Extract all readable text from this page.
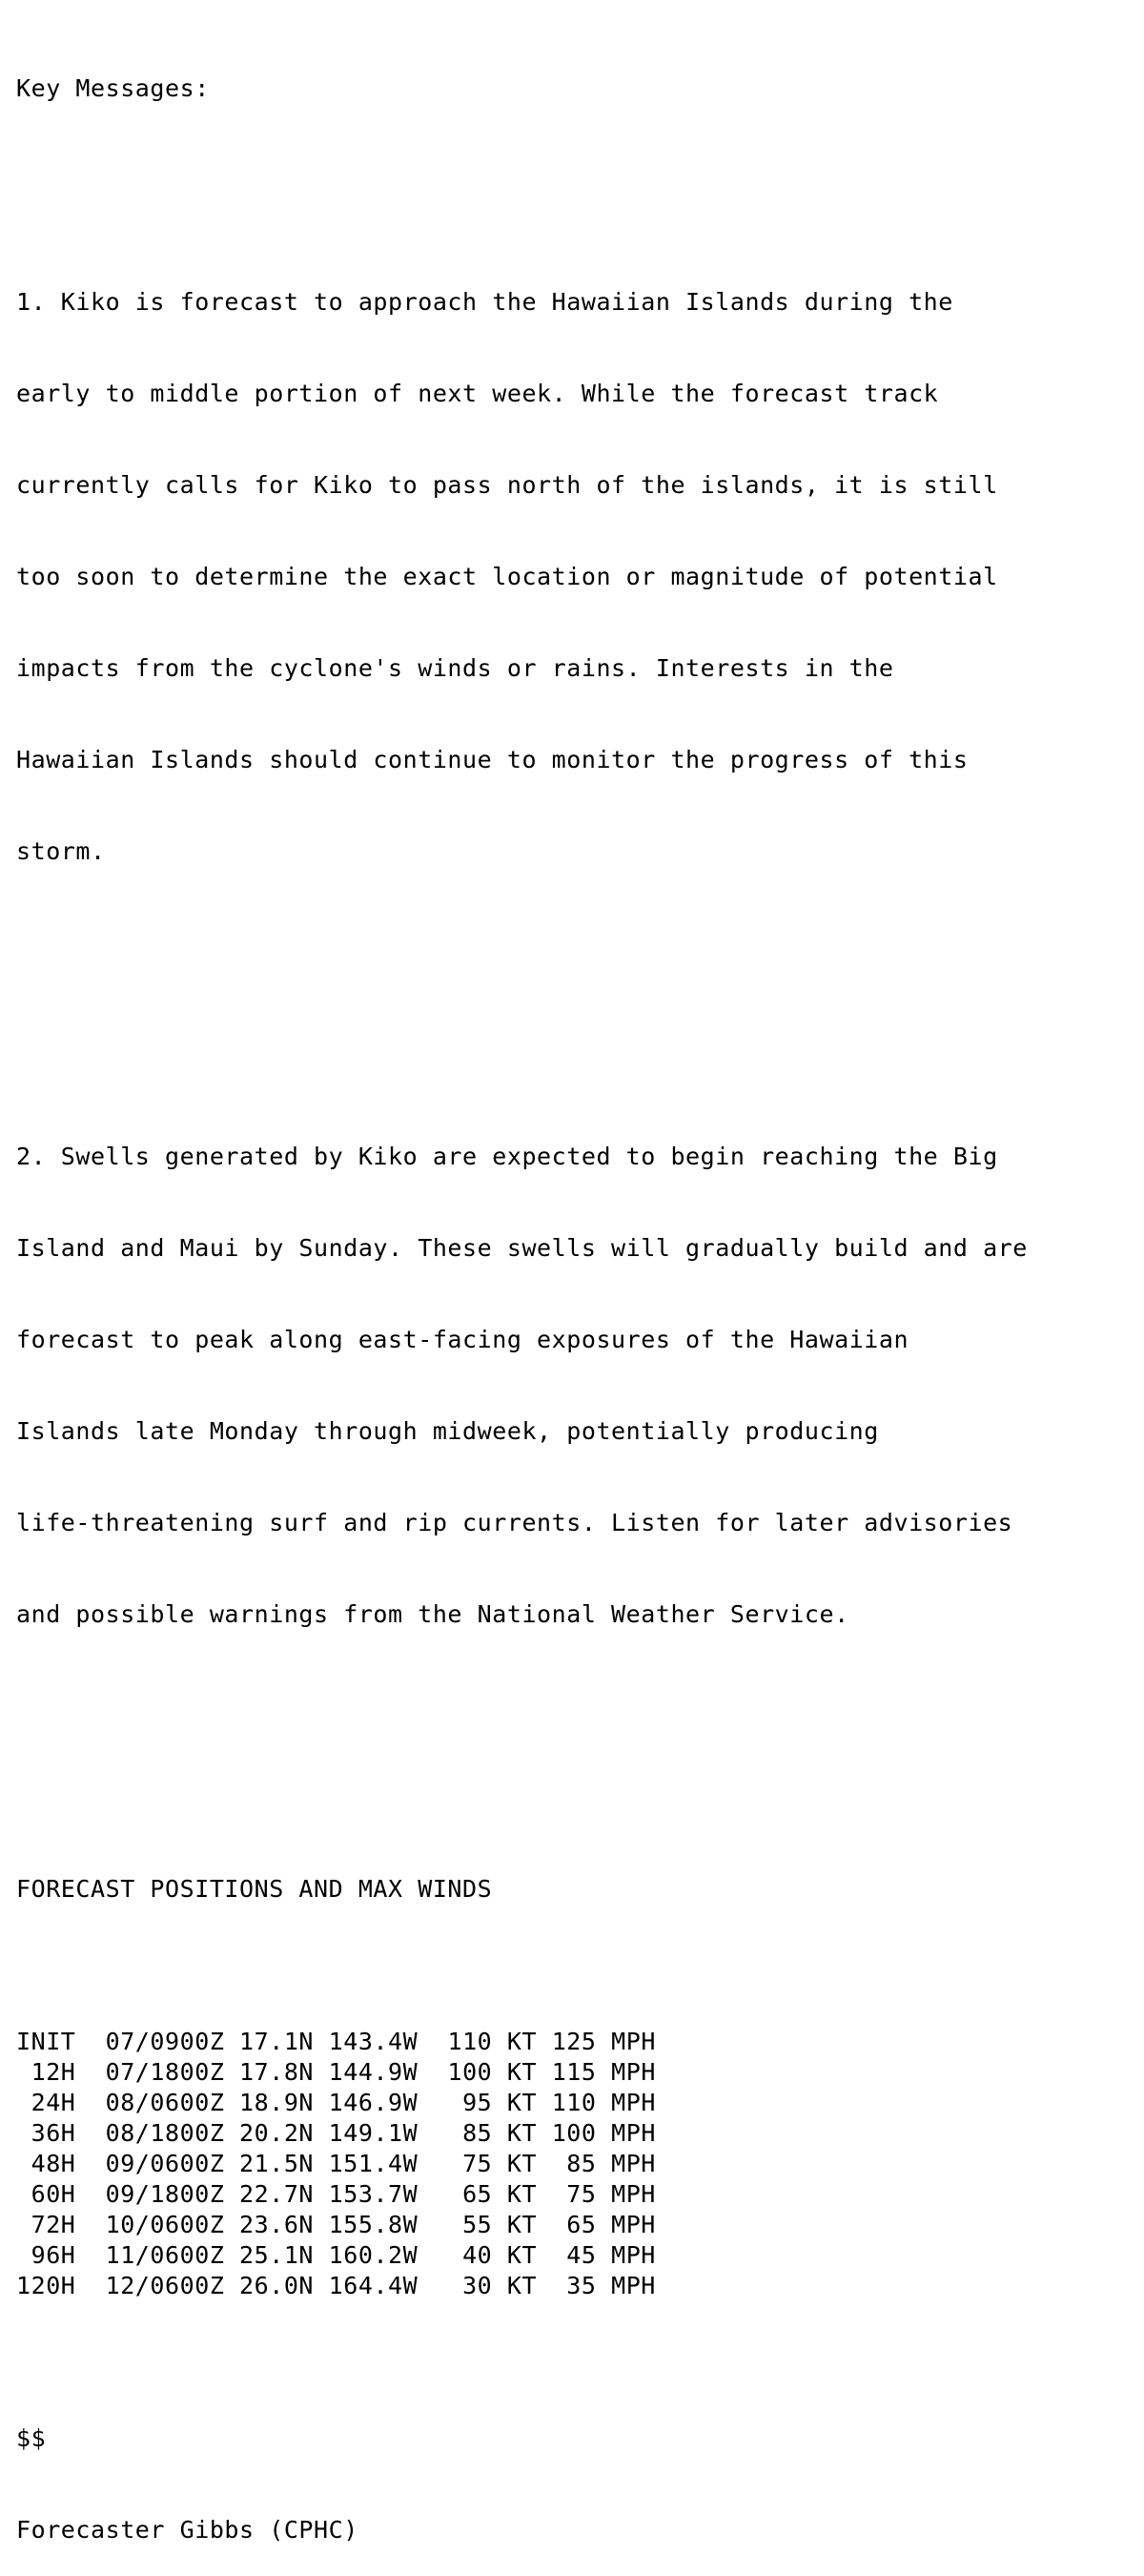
Key Messages:

1. Kiko is forecast to approach the Hawaiian Islands during the

early to middle portion of next week. While the forecast track

currently calls for Kiko to pass north of the islands, it is still

too soon to determine the exact location or magnitude of potential

impacts from the cyclone's winds or rains. Interests in the

Hawaiian Islands should continue to monitor the progress of this

storm.

2. Swells generated by Kiko are expected to begin reaching the Big

Island and Maui by Sunday. These swells will gradually build and are

forecast to peak along east-facing exposures of the Hawaiian

Islands late Monday through midweek, potentially producing

life-threatening surf and rip currents. Listen for later advisories

and possible warnings from the National Weather Service.

FORECAST POSITIONS AND MAX WINDS

INIT 07/0900Z 17.1N 143.4W 110 KT 125 MPH
12H 07/1800Z 17.8N 144.9W 100 KT 115 MPH
24H 08/0600Z 18.9N 146.9W 95 KT 110 MPH
36H 08/1800Z 20.2N 149.1W 85 KT 100 MPH
48H 09/0600Z 21.5N 151.4W 75 KT 85 MPH
60H 09/1800Z 22.7N 153.7W 65 KT 75 MPH
72H 10/0600Z 23.6N 155.8W 55 KT 65 MPH
96H 11/0600Z 25.1N 160.2W 40 KT 45 MPH
120H 12/0600Z 26.0N 164.4W 30 KT 35 MPH

$$

Forecaster Gibbs (CPHC)
